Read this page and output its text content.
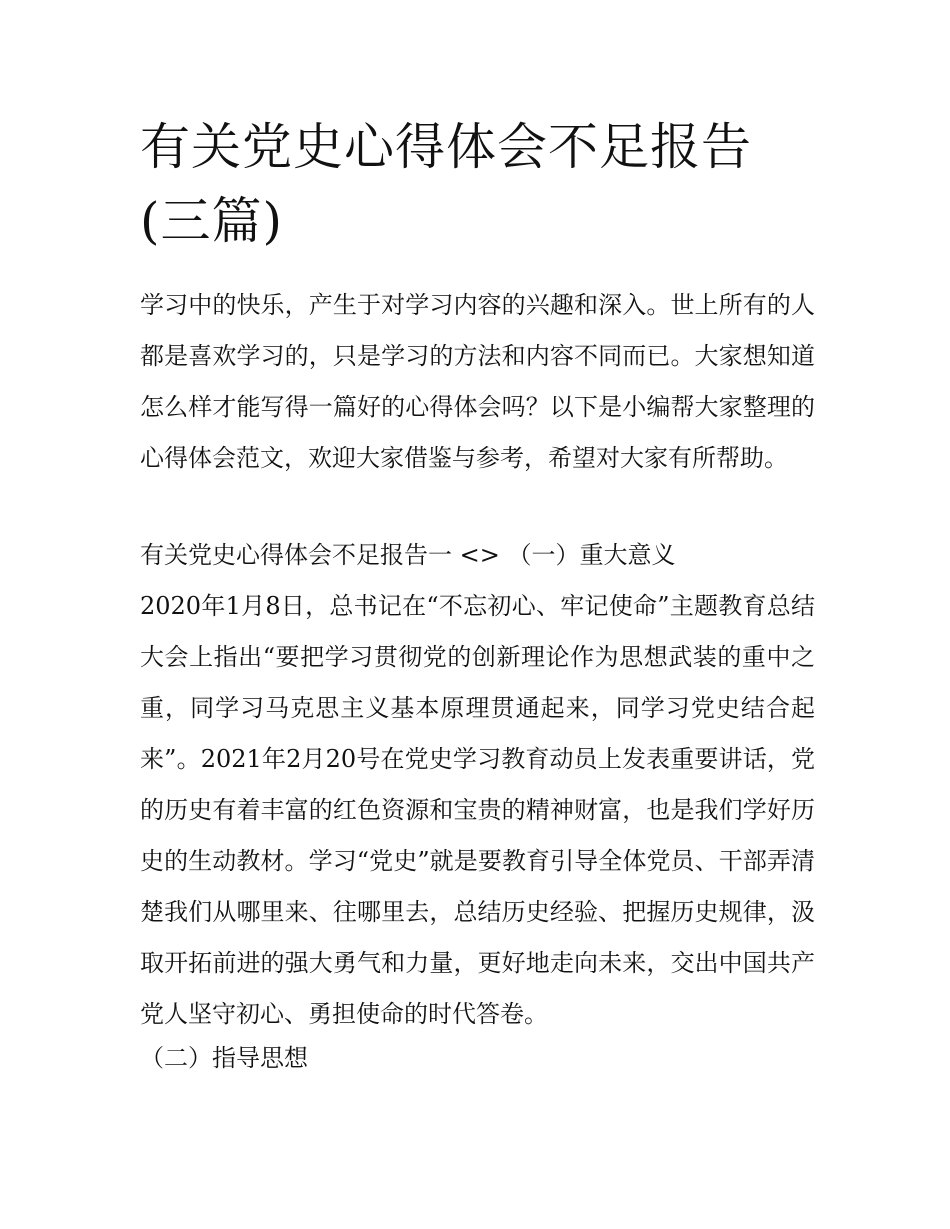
有关党史心得体会不足报告(三篇)

学习中的快乐，产生于对学习内容的兴趣和深入。世上所有的人都是喜欢学习的，只是学习的方法和内容不同而已。大家想知道怎么样才能写得一篇好的心得体会吗？以下是小编帮大家整理的心得体会范文，欢迎大家借鉴与参考，希望对大家有所帮助。

有关党史心得体会不足报告一 <> （一）重大意义

2020年1月8日，总书记在“不忘初心、牢记使命”主题教育总结大会上指出“要把学习贯彻党的创新理论作为思想武装的重中之重，同学习马克思主义基本原理贯通起来，同学习党史结合起来”。2021年2月20号在党史学习教育动员上发表重要讲话，党的历史有着丰富的红色资源和宝贵的精神财富，也是我们学好历史的生动教材。学习“党史”就是要教育引导全体党员、干部弄清楚我们从哪里来、往哪里去，总结历史经验、把握历史规律，汲取开拓前进的强大勇气和力量，更好地走向未来，交出中国共产党人坚守初心、勇担使命的时代答卷。

（二）指导思想
